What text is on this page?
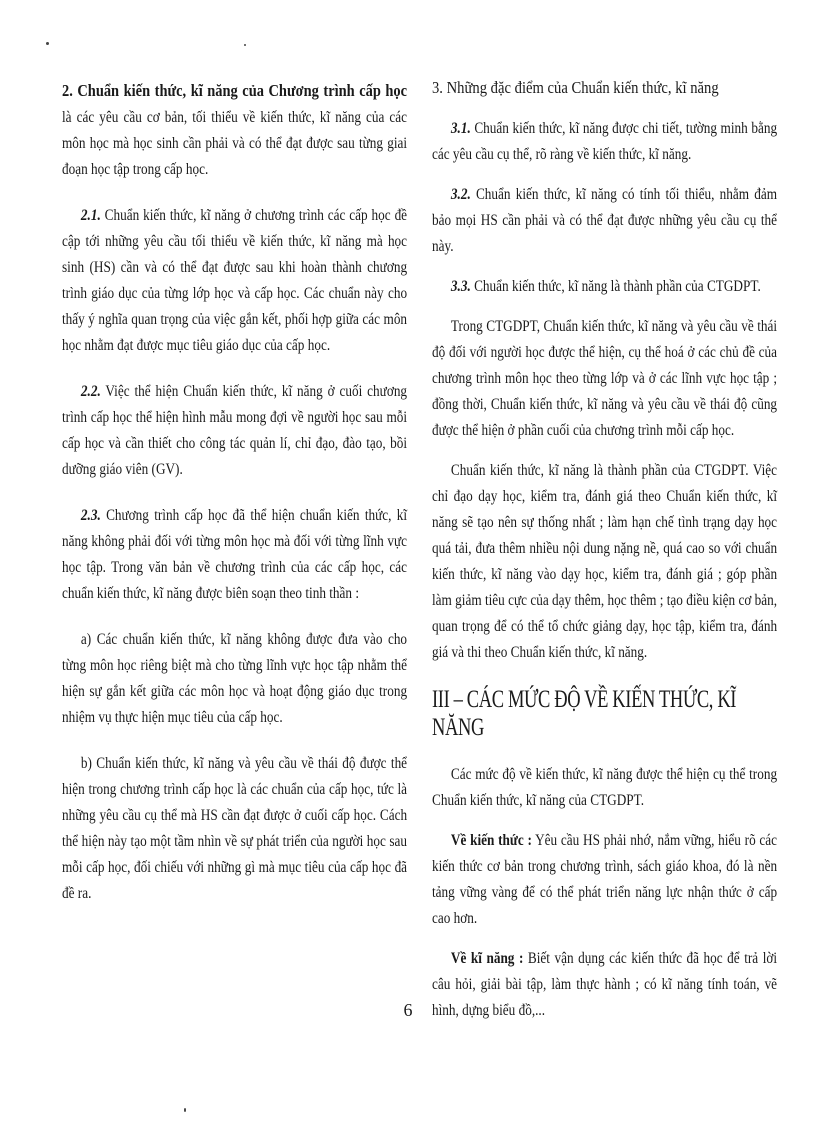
2. Chuẩn kiến thức, kĩ năng của Chương trình cấp học là các yêu cầu cơ bản, tối thiểu về kiến thức, kĩ năng của các môn học mà học sinh cần phải và có thể đạt được sau từng giai đoạn học tập trong cấp học.

2.1. Chuẩn kiến thức, kĩ năng ở chương trình các cấp học đề cập tới những yêu cầu tối thiểu về kiến thức, kĩ năng mà học sinh (HS) cần và có thể đạt được sau khi hoàn thành chương trình giáo dục của từng lớp học và cấp học. Các chuẩn này cho thấy ý nghĩa quan trọng của việc gắn kết, phối hợp giữa các môn học nhằm đạt được mục tiêu giáo dục của cấp học.

2.2. Việc thể hiện Chuẩn kiến thức, kĩ năng ở cuối chương trình cấp học thể hiện hình mẫu mong đợi về người học sau mỗi cấp học và cần thiết cho công tác quản lí, chỉ đạo, đào tạo, bồi dưỡng giáo viên (GV).

2.3. Chương trình cấp học đã thể hiện chuẩn kiến thức, kĩ năng không phải đối với từng môn học mà đối với từng lĩnh vực học tập. Trong văn bản về chương trình của các cấp học, các chuẩn kiến thức, kĩ năng được biên soạn theo tinh thần :

a) Các chuẩn kiến thức, kĩ năng không được đưa vào cho từng môn học riêng biệt mà cho từng lĩnh vực học tập nhằm thể hiện sự gắn kết giữa các môn học và hoạt động giáo dục trong nhiệm vụ thực hiện mục tiêu của cấp học.

b) Chuẩn kiến thức, kĩ năng và yêu cầu về thái độ được thể hiện trong chương trình cấp học là các chuẩn của cấp học, tức là những yêu cầu cụ thể mà HS cần đạt được ở cuối cấp học. Cách thể hiện này tạo một tầm nhìn về sự phát triển của người học sau mỗi cấp học, đối chiếu với những gì mà mục tiêu của cấp học đã đề ra.

3. Những đặc điểm của Chuẩn kiến thức, kĩ năng

3.1. Chuẩn kiến thức, kĩ năng được chi tiết, tường minh bằng các yêu cầu cụ thể, rõ ràng về kiến thức, kĩ năng.

3.2. Chuẩn kiến thức, kĩ năng có tính tối thiểu, nhằm đảm bảo mọi HS cần phải và có thể đạt được những yêu cầu cụ thể này.

3.3. Chuẩn kiến thức, kĩ năng là thành phần của CTGDPT.

Trong CTGDPT, Chuẩn kiến thức, kĩ năng và yêu cầu về thái độ đối với người học được thể hiện, cụ thể hoá ở các chủ đề của chương trình môn học theo từng lớp và ở các lĩnh vực học tập ; đồng thời, Chuẩn kiến thức, kĩ năng và yêu cầu về thái độ cũng được thể hiện ở phần cuối của chương trình mỗi cấp học.

Chuẩn kiến thức, kĩ năng là thành phần của CTGDPT. Việc chỉ đạo dạy học, kiểm tra, đánh giá theo Chuẩn kiến thức, kĩ năng sẽ tạo nên sự thống nhất ; làm hạn chế tình trạng dạy học quá tải, đưa thêm nhiều nội dung nặng nề, quá cao so với chuẩn kiến thức, kĩ năng vào dạy học, kiểm tra, đánh giá ; góp phần làm giảm tiêu cực của dạy thêm, học thêm ; tạo điều kiện cơ bản, quan trọng để có thể tổ chức giảng dạy, học tập, kiểm tra, đánh giá và thi theo Chuẩn kiến thức, kĩ năng.

III – CÁC MỨC ĐỘ VỀ KIẾN THỨC, KĨ NĂNG

Các mức độ về kiến thức, kĩ năng được thể hiện cụ thể trong Chuẩn kiến thức, kĩ năng của CTGDPT.

Về kiến thức : Yêu cầu HS phải nhớ, nắm vững, hiểu rõ các kiến thức cơ bản trong chương trình, sách giáo khoa, đó là nền tảng vững vàng để có thể phát triển năng lực nhận thức ở cấp cao hơn.

Về kĩ năng : Biết vận dụng các kiến thức đã học để trả lời câu hỏi, giải bài tập, làm thực hành ; có kĩ năng tính toán, vẽ hình, dựng biểu đồ,...

6
